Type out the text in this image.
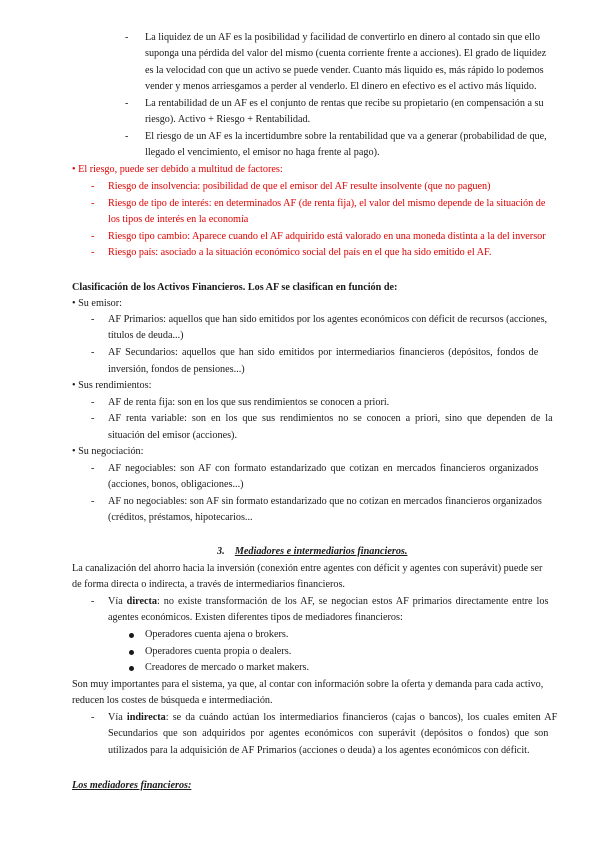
- La liquidez de un AF es la posibilidad y facilidad de convertirlo en dinero al contado sin que ello
suponga una pérdida del valor del mismo (cuenta corriente frente a acciones). El grado de liquidez
es la velocidad con que un activo se puede vender. Cuanto más liquido es, más rápido lo podemos
vender y menos arriesgamos a perder al venderlo. El dinero en efectivo es el activo más líquido.
- La rentabilidad de un AF es el conjunto de rentas que recibe su propietario (en compensación a su
riesgo). Activo + Riesgo + Rentabilidad.
- El riesgo de un AF es la incertidumbre sobre la rentabilidad que va a generar (probabilidad de que,
llegado el vencimiento, el emisor no haga frente al pago).
• El riesgo, puede ser debido a multitud de factores:
- Riesgo de insolvencia: posibilidad de que el emisor del AF resulte insolvente (que no paguen)
- Riesgo de tipo de interés: en determinados AF (de renta fija), el valor del mismo depende de la situación de
los tipos de interés en la economía
- Riesgo tipo cambio: Aparece cuando el AF adquirido está valorado en una moneda distinta a la del inversor
- Riesgo país: asociado a la situación económico social del país en el que ha sido emitido el AF.
Clasificación de los Activos Financieros. Los AF se clasifican en función de:
• Su emisor:
- AF Primarios: aquellos que han sido emitidos por los agentes económicos con déficit de recursos (acciones,
títulos de deuda...)
- AF Secundarios: aquellos que han sido emitidos por intermediarios financieros (depósitos, fondos de
inversión, fondos de pensiones...)
• Sus rendimientos:
- AF de renta fija: son en los que sus rendimientos se conocen a priori.
- AF renta variable: son en los que sus rendimientos no se conocen a priori, sino que dependen de la
situación del emisor (acciones).
• Su negociación:
- AF negociables: son AF con formato estandarizado que cotizan en mercados financieros organizados
(acciones, bonos, obligaciones...)
- AF no negociables: son AF sin formato estandarizado que no cotizan en mercados financieros organizados
(créditos, préstamos, hipotecarios...
3. Mediadores e intermediarios financieros.
La canalización del ahorro hacia la inversión (conexión entre agentes con déficit y agentes con superávit) puede ser
de forma directa o indirecta, a través de intermediarios financieros.
- Vía directa: no existe transformación de los AF, se negocian estos AF primarios directamente entre los
agentes económicos. Existen diferentes tipos de mediadores financieros:
Operadores cuenta ajena o brokers.
Operadores cuenta propia o dealers.
Creadores de mercado o market makers.
Son muy importantes para el sistema, ya que, al contar con información sobre la oferta y demanda para cada activo,
reducen los costes de búsqueda e intermediación.
- Vía indirecta: se da cuándo actúan los intermediarios financieros (cajas o bancos), los cuales emiten AF
Secundarios que son adquiridos por agentes económicos con superávit (depósitos o fondos) que son
utilizados para la adquisición de AF Primarios (acciones o deuda) a los agentes económicos con déficit.
Los mediadores financieros:
